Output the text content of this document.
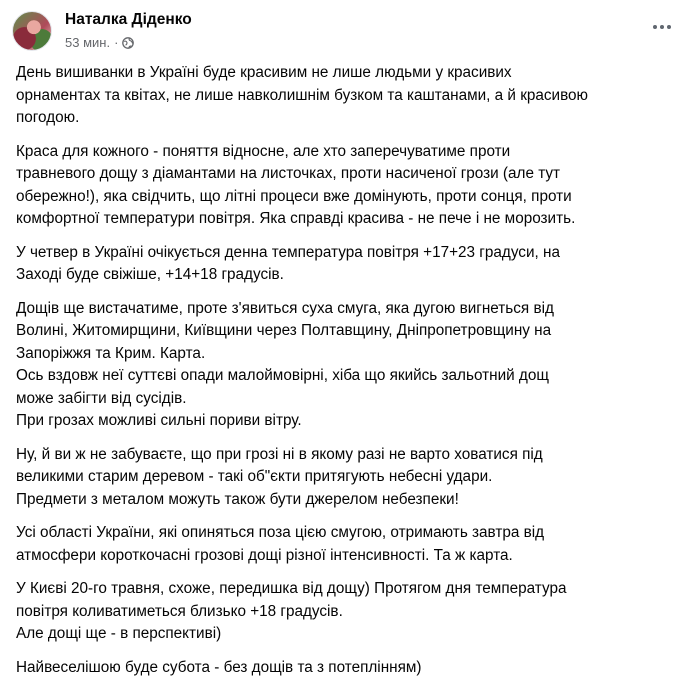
Наталка Діденко
53 мин. ·

День вишиванки в Україні буде красивим не лише людьми у красивих
орнаментах та квітах, не лише навколишнім бузком та каштанами, а й красивою
погодою.

Краса для кожного - поняття відносне, але хто заперечуватиме проти
травневого дощу з діамантами на листочках, проти насиченої грози (але тут
обережно!), яка свідчить, що літні процеси вже домінують, проти сонця, проти
комфортної температури повітря. Яка справді красива - не пече і не морозить.

У четвер в Україні очікується денна температура повітря +17+23 градуси, на
Заході буде свіжіше, +14+18 градусів.

Дощів ще вистачатиме, проте з'явиться суха смуга, яка дугою вигнеться від
Волині, Житомирщини, Київщини через Полтавщину, Дніпропетровщину на
Запоріжжя та Крим. Карта.
Ось вздовж неї суттєві опади малоймовірні, хіба що якийсь зальотний дощ
може забігти від сусідів.
При грозах можливі сильні пориви вітру.

Ну, й ви ж не забуваєте, що при грозі ні в якому разі не варто ховатися під
великими старим деревом - такі об"єкти притягують небесні удари.
Предмети з металом можуть також бути джерелом небезпеки!

Усі області України, які опиняться поза цією смугою, отримають завтра від
атмосфери короткочасні грозові дощі різної інтенсивності. Та ж карта.

У Києві 20-го травня, схоже, передишка від дощу) Протягом дня температура
повітря коливатиметься близько +18 градусів.
Але дощі ще - в перспективі)

Найвеселішою буде субота - без дощів та з потеплінням)
